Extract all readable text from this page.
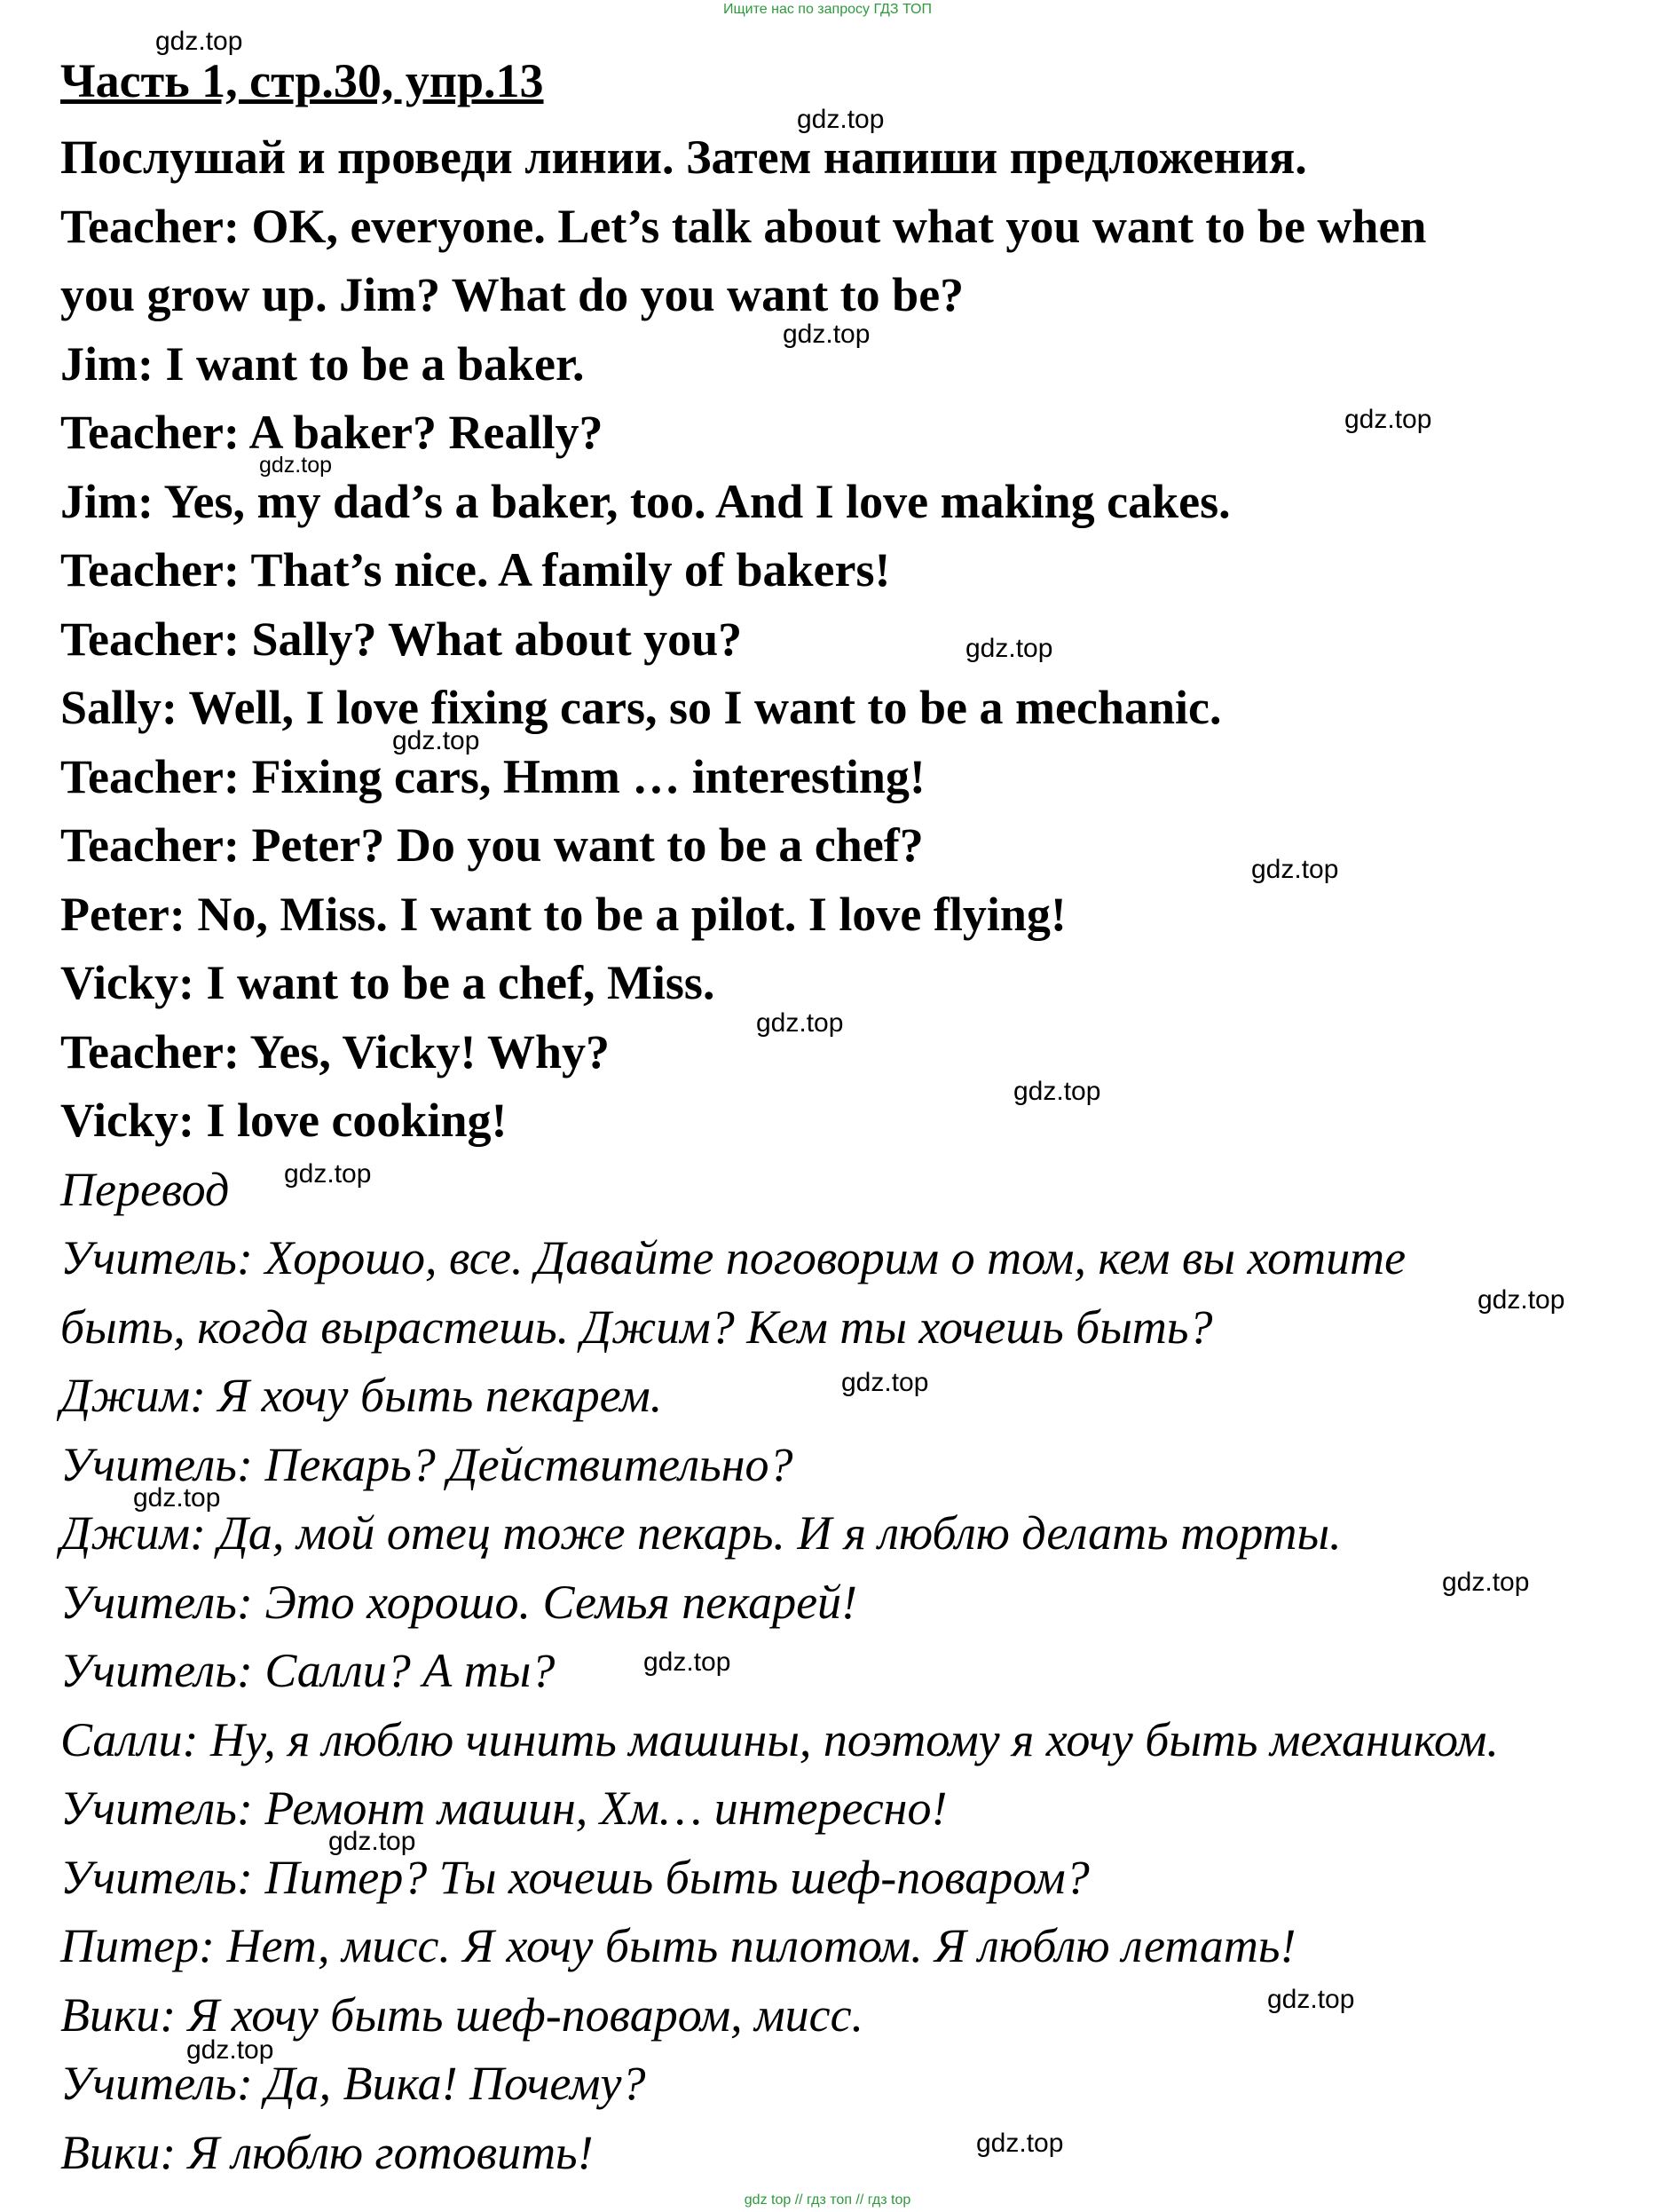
Ищите нас по запросу ГДЗ ТОП
Часть 1, стр.30, упр.13
Послушай и проведи линии. Затем напиши предложения.
Teacher: OK, everyone. Let’s talk about what you want to be when
you grow up. Jim? What do you want to be?
Jim: I want to be a baker.
Teacher: A baker? Really?
Jim: Yes, my dad’s a baker, too. And I love making cakes.
Teacher: That’s nice. A family of bakers!
Teacher: Sally? What about you?
Sally: Well, I love fixing cars, so I want to be a mechanic.
Teacher: Fixing cars, Hmm … interesting!
Teacher: Peter? Do you want to be a chef?
Peter: No, Miss. I want to be a pilot. I love flying!
Vicky: I want to be a chef, Miss.
Teacher: Yes, Vicky! Why?
Vicky: I love cooking!
Перевод
Учитель: Хорошо, все. Давайте поговорим о том, кем вы хотите
быть, когда вырастешь. Джим? Кем ты хочешь быть?
Джим: Я хочу быть пекарем.
Учитель: Пекарь? Действительно?
Джим: Да, мой отец тоже пекарь. И я люблю делать торты.
Учитель: Это хорошо. Семья пекарей!
Учитель: Салли? А ты?
Салли: Ну, я люблю чинить машины, поэтому я хочу быть механиком.
Учитель: Ремонт машин, Хм… интересно!
Учитель: Питер? Ты хочешь быть шеф-поваром?
Питер: Нет, мисс. Я хочу быть пилотом. Я люблю летать!
Вики: Я хочу быть шеф-поваром, мисс.
Учитель: Да, Вика! Почему?
Вики: Я люблю готовить!
gdz.top
gdz.top
gdz.top
gdz.top
gdz.top
gdz.top
gdz.top
gdz.top
gdz.top
gdz.top
gdz.top
gdz.top
gdz.top
gdz.top
gdz.top
gdz.top
gdz.top
gdz.top
gdz.top
gdz.top
gdz top // гдз топ // гдз top
